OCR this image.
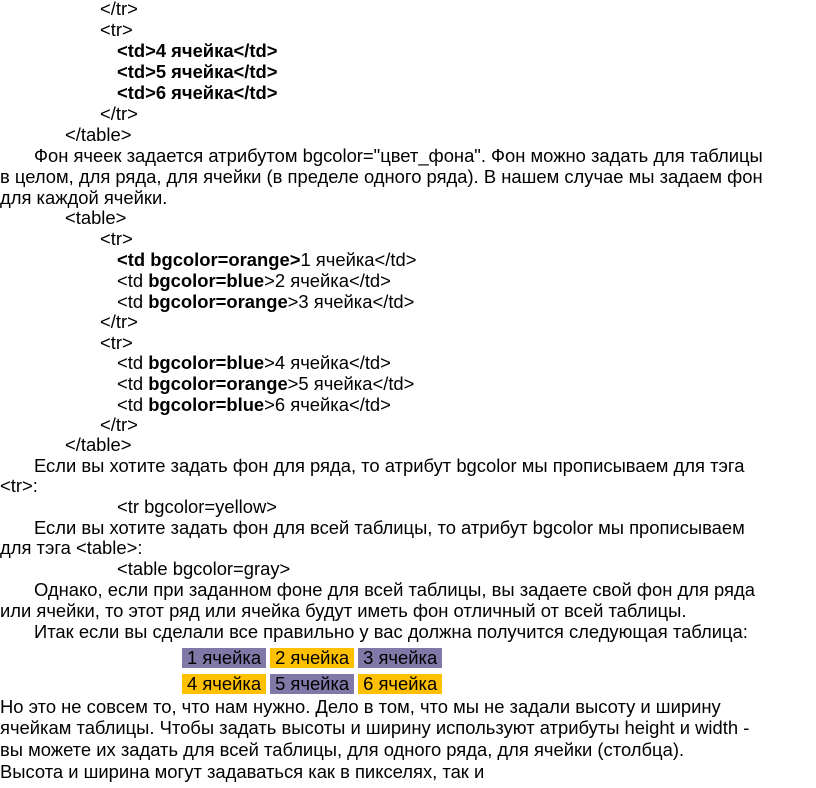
</tr>
<tr>
<td>4 ячейка</td>
<td>5 ячейка</td>
<td>6 ячейка</td>
</tr>
</table>
Фон ячеек задается атрибутом bgcolor="цвет_фона". Фон можно задать для таблицы
в целом, для ряда, для ячейки (в пределе одного ряда). В нашем случае мы задаем фон
для каждой ячейки.
<table>
<tr>
<td bgcolor=orange>1 ячейка</td>
<td bgcolor=blue>2 ячейка</td>
<td bgcolor=orange>3 ячейка</td>
</tr>
<tr>
<td bgcolor=blue>4 ячейка</td>
<td bgcolor=orange>5 ячейка</td>
<td bgcolor=blue>6 ячейка</td>
</tr>
</table>
Если вы хотите задать фон для ряда, то атрибут bgcolor мы прописываем для тэга
<tr>:
<tr bgcolor=yellow>
Если вы хотите задать фон для всей таблицы, то атрибут bgcolor мы прописываем
для тэга <table>:
<table bgcolor=gray>
Однако, если при заданном фоне для всей таблицы, вы задаете свой фон для ряда
или ячейки, то этот ряд или ячейка будут иметь фон отличный от всей таблицы.
Итак если вы сделали все правильно у вас должна получится следующая таблица:
1 ячейка	2 ячейка	3 ячейка
4 ячейка	5 ячейка	6 ячейка
Но это не совсем то, что нам нужно. Дело в том, что мы не задали высоту и ширину
ячейкам таблицы. Чтобы задать высоты и ширину используют атрибуты height и width -
вы можете их задать для всей таблицы, для одного ряда, для ячейки (столбца).
Высота и ширина могут задаваться как в пикселях, так и
